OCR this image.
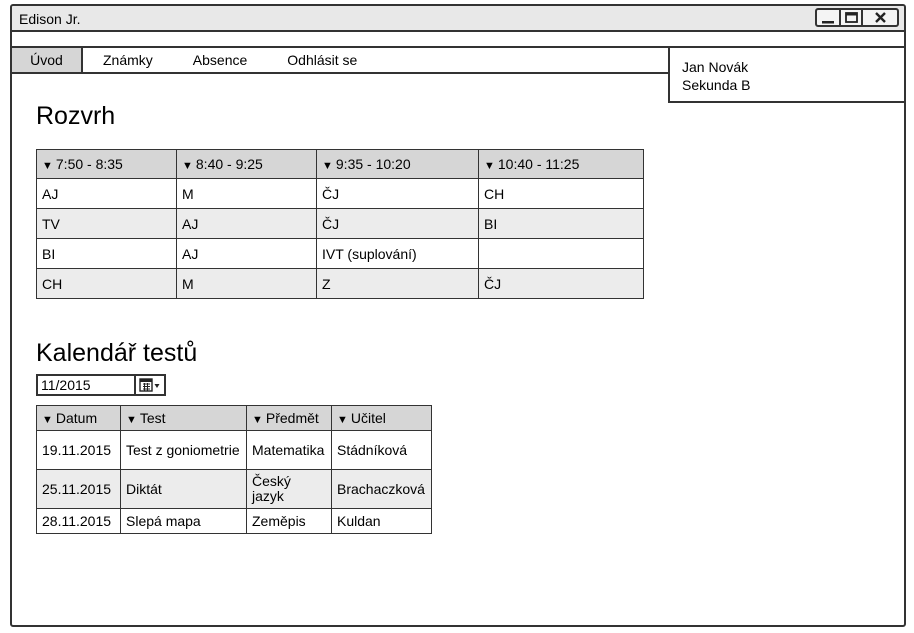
Edison Jr.
Úvod	Známky	Absence	Odhlásit se	Jan Novák
Sekunda B
Rozvrh
▼ 7:50 - 8:35	▼ 8:40 - 9:25	▼ 9:35 - 10:20	▼ 10:40 - 11:25
AJ	M	ČJ	CH
TV	AJ	ČJ	BI
BI	AJ	IVT (suplování)	
CH	M	Z	ČJ
Kalendář testů
11/2015
▼ Datum	▼ Test	▼ Předmět	▼ Učitel
19.11.2015	Test z goniometrie	Matematika	Stádníková
25.11.2015	Diktát	Český jazyk	Brachaczková
28.11.2015	Slepá mapa	Zeměpis	Kuldan
